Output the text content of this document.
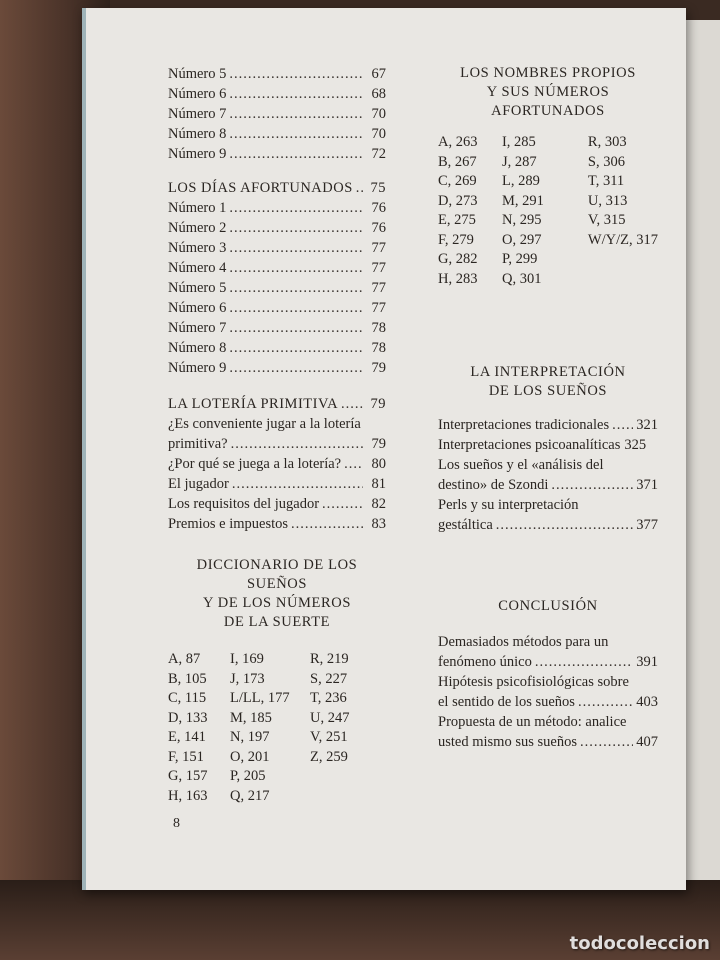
Número 5 .....	67
Número 6 .....	68
Número 7 .....	70
Número 8 .....	70
Número 9 .....	72
LOS DÍAS AFORTUNADOS .....	75
Número 1 .....	76
Número 2 .....	76
Número 3 .....	77
Número 4 .....	77
Número 5 .....	77
Número 6 .....	77
Número 7 .....	78
Número 8 .....	78
Número 9 .....	79
LA LOTERÍA PRIMITIVA .....	79
¿Es conveniente jugar a la lotería
primitiva? .....	79
¿Por qué se juega a la lotería? .....	80
El jugador .....	81
Los requisitos del jugador .....	82
Premios e impuestos .....	83
DICCIONARIO DE LOS SUEÑOS
Y DE LOS NÚMEROS
DE LA SUERTE
A, 87	I, 169	R, 219
B, 105	J, 173	S, 227
C, 115	L/LL, 177	T, 236
D, 133	M, 185	U, 247
E, 141	N, 197	V, 251
F, 151	O, 201	Z, 259
G, 157	P, 205	
H, 163	Q, 217	
LOS NOMBRES PROPIOS
Y SUS NÚMEROS
AFORTUNADOS
A, 263	I, 285	R, 303
B, 267	J, 287	S, 306
C, 269	L, 289	T, 311
D, 273	M, 291	U, 313
E, 275	N, 295	V, 315
F, 279	O, 297	W/Y/Z, 317
G, 282	P, 299	
H, 283	Q, 301	
LA INTERPRETACIÓN
DE LOS SUEÑOS
Interpretaciones tradicionales ..... 321
Interpretaciones psicoanalíticas 325
Los sueños y el «análisis del
destino» de Szondi .....	371
Perls y su interpretación
gestáltica .....	377
CONCLUSIÓN
Demasiados métodos para un
fenómeno único .....	391
Hipótesis psicofisiológicas sobre
el sentido de los sueños .....	403
Propuesta de un método: analice
usted mismo sus sueños .....	407
8
todocoleccion
